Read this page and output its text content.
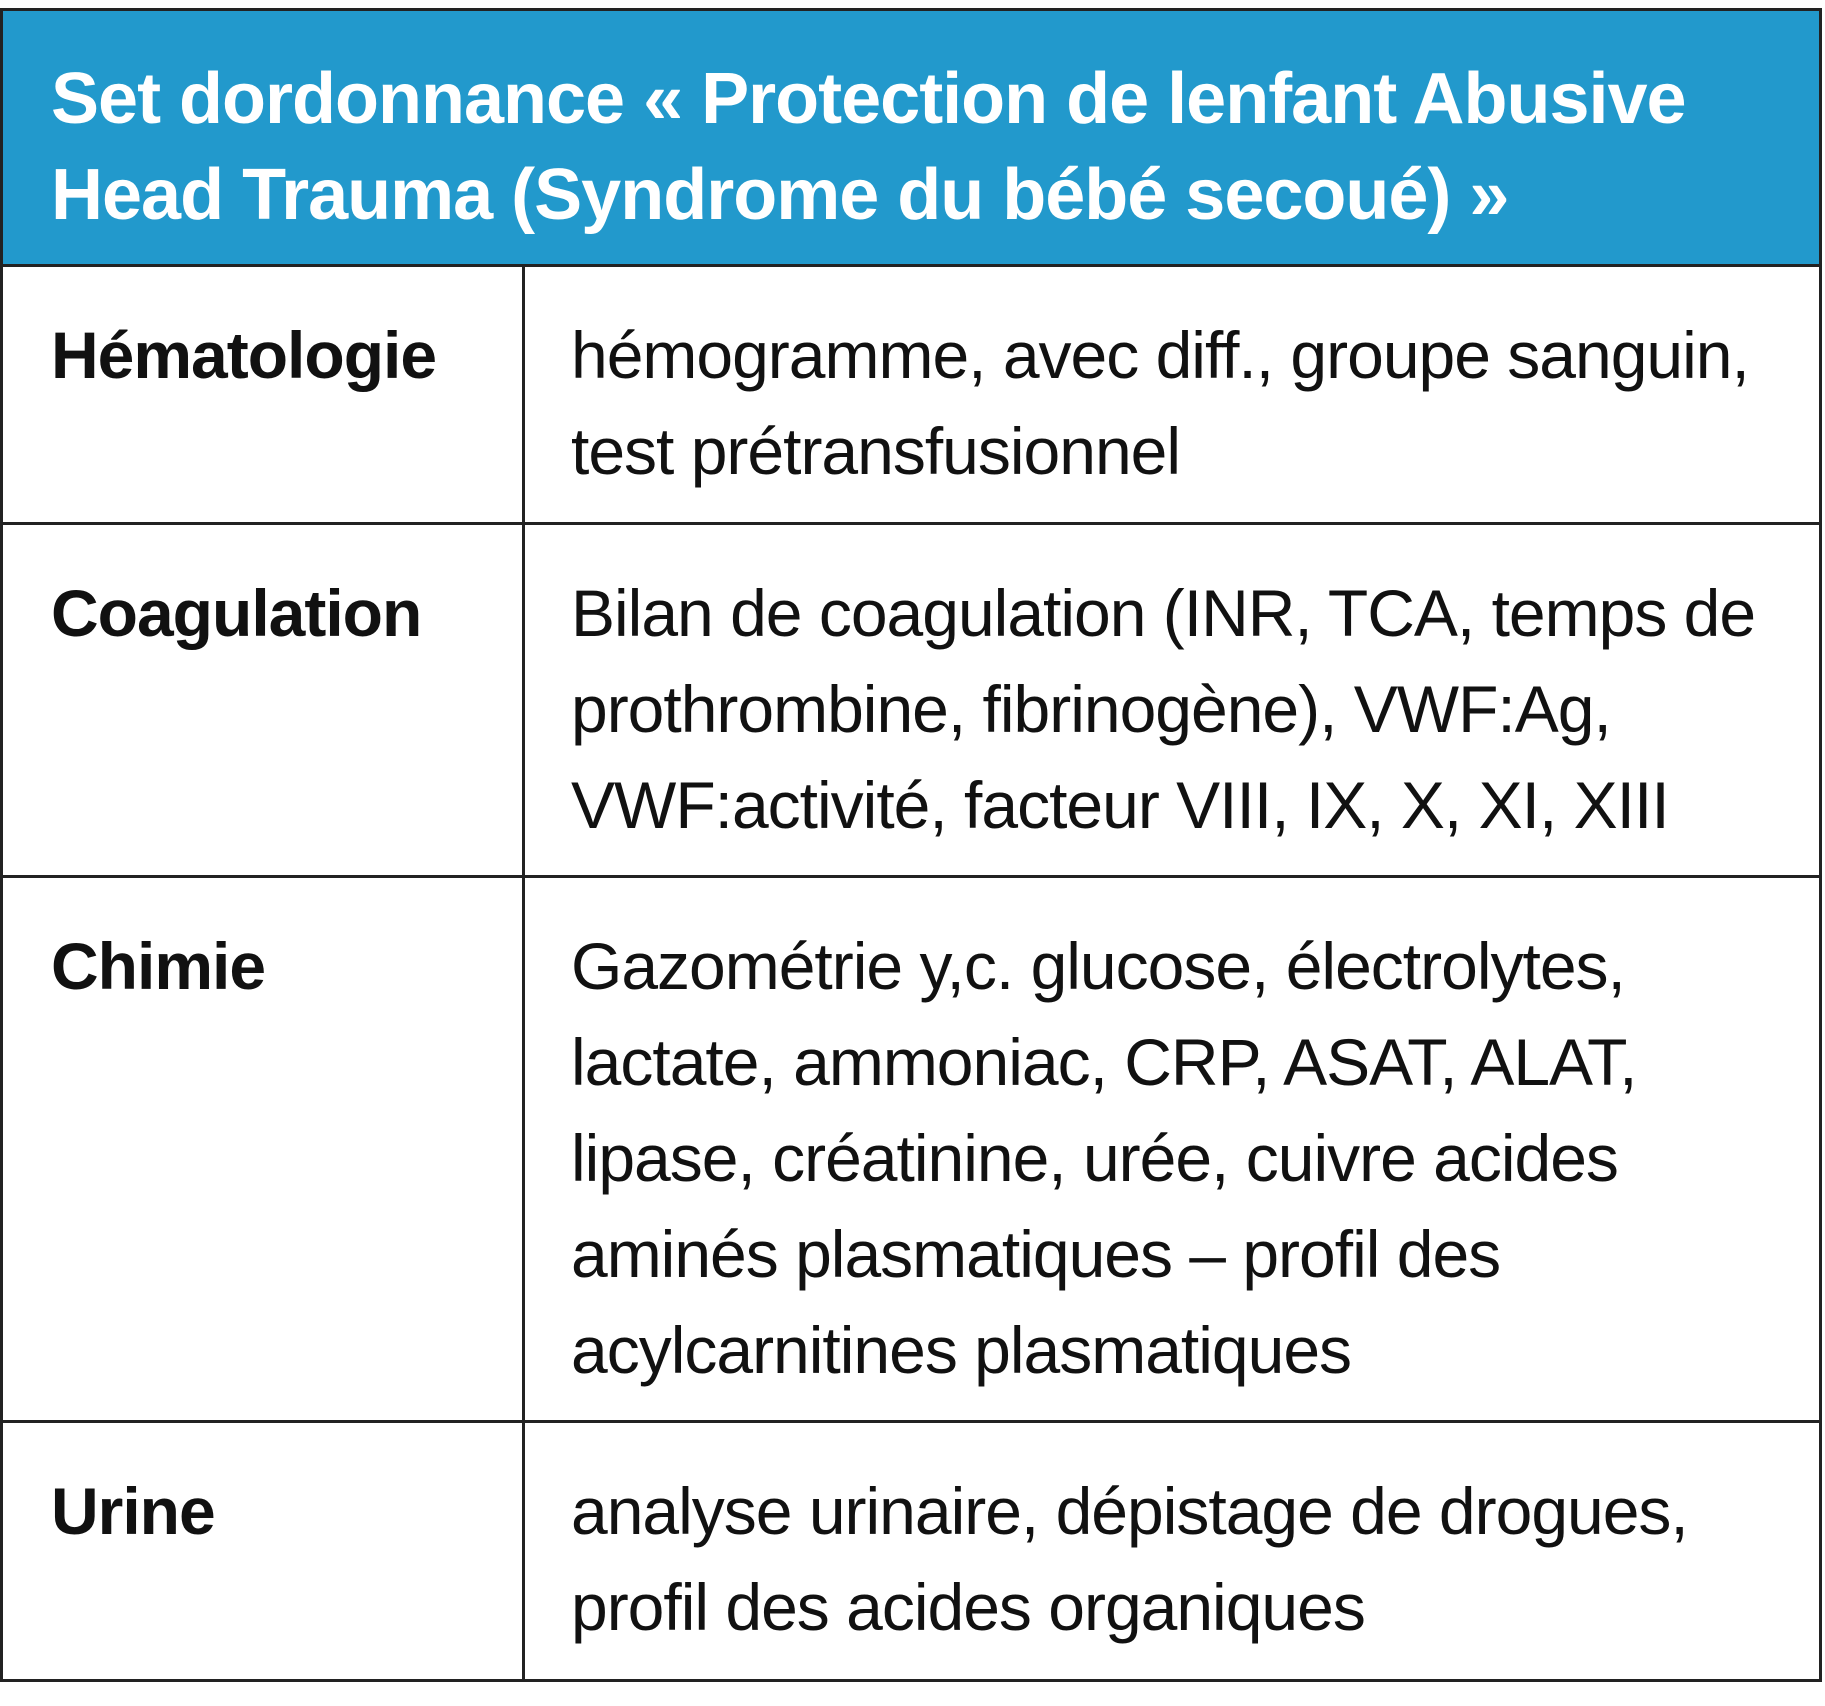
Set dordonnance « Protection de lenfant Abusive Head Trauma (Syndrome du bébé secoué) »

Hématologie	hémogramme, avec diff., groupe sanguin, test prétransfusionnel
Coagulation	Bilan de coagulation (INR, TCA, temps de prothrombine, fibrinogène), VWF:Ag, VWF:activité, facteur VIII, IX, X, XI, XIII
Chimie	Gazométrie y,c. glucose, électrolytes, lactate, ammoniac, CRP, ASAT, ALAT, lipase, créatinine, urée, cuivre acides aminés plasmatiques – profil des acylcarnitines plasmatiques
Urine	analyse urinaire, dépistage de drogues, profil des acides organiques
